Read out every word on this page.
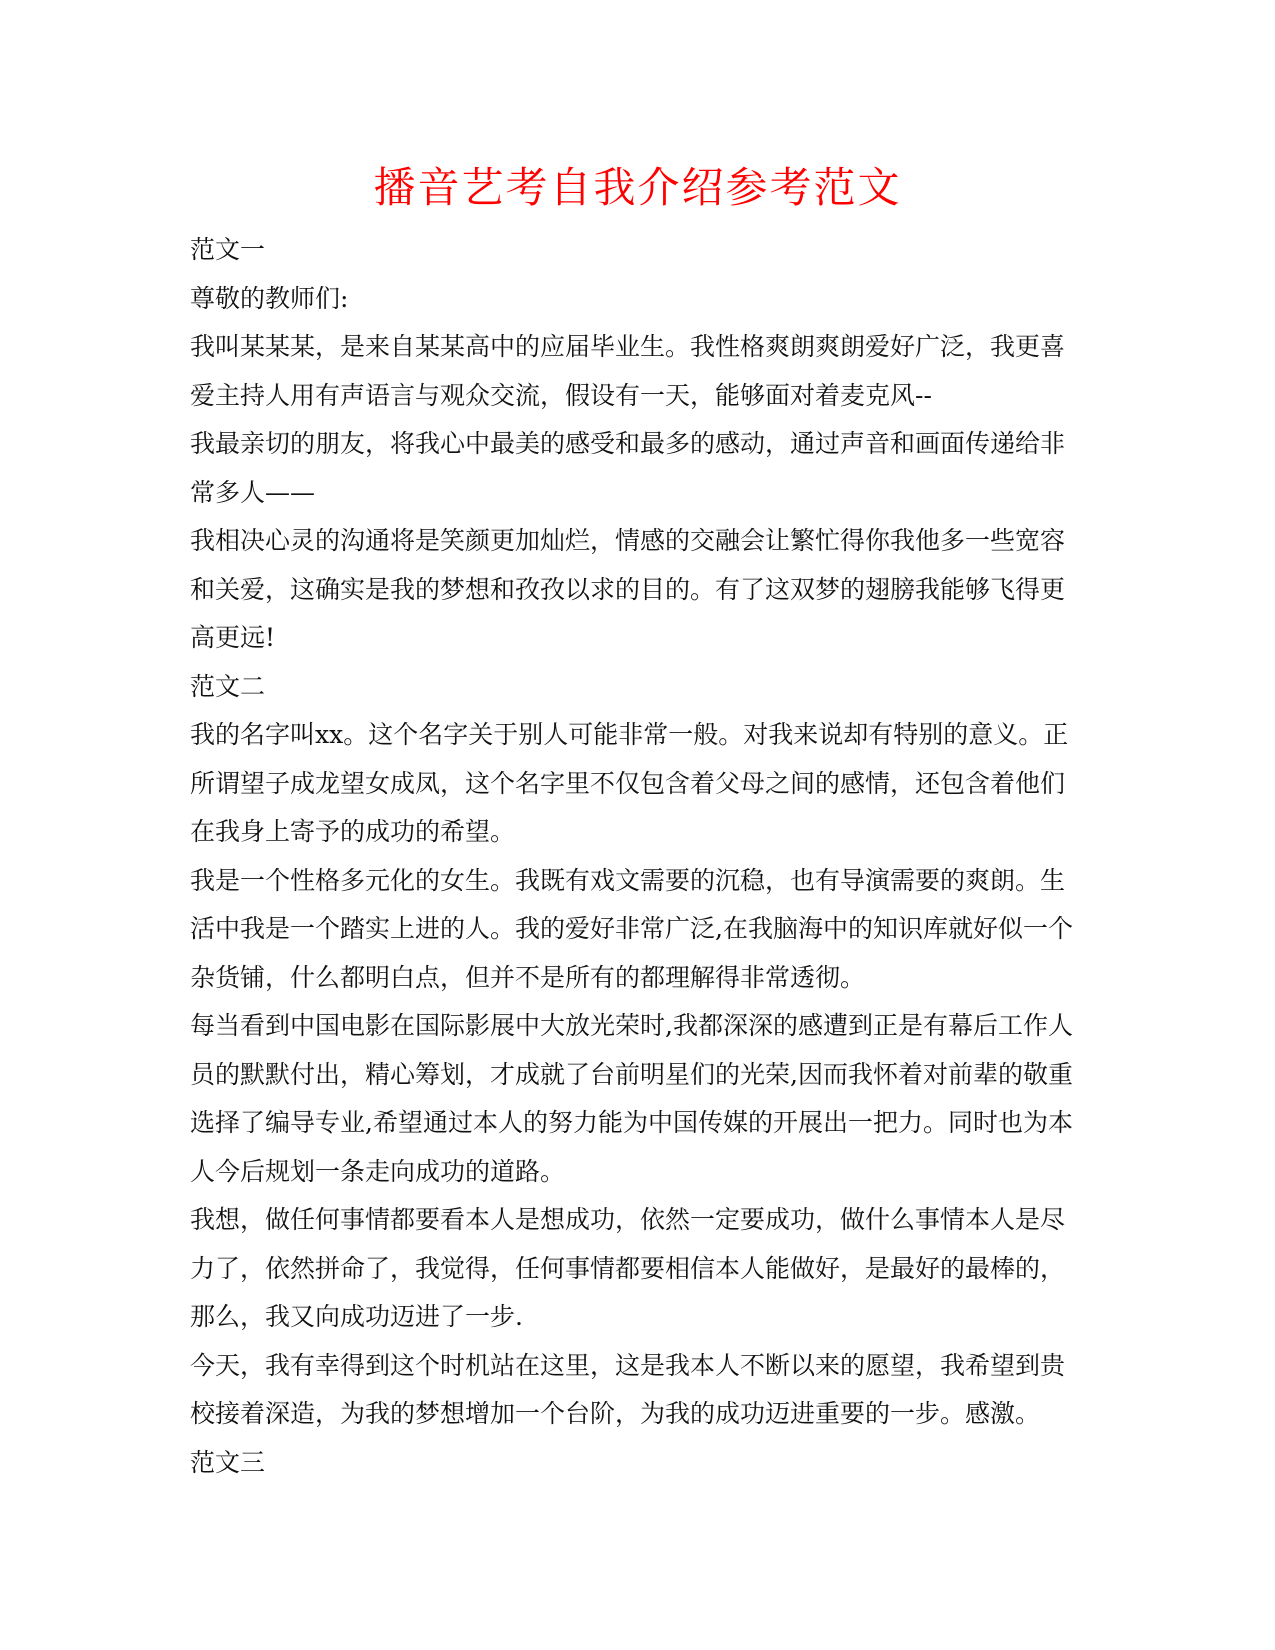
播音艺考自我介绍参考范文
范文一
尊敬的教师们:
我叫某某某，是来自某某高中的应届毕业生。我性格爽朗爽朗爱好广泛，我更喜
爱主持人用有声语言与观众交流，假设有一天，能够面对着麦克风--
我最亲切的朋友，将我心中最美的感受和最多的感动，通过声音和画面传递给非
常多人——
我相决心灵的沟通将是笑颜更加灿烂，情感的交融会让繁忙得你我他多一些宽容
和关爱，这确实是我的梦想和孜孜以求的目的。有了这双梦的翅膀我能够飞得更
高更远!
范文二
我的名字叫xx。这个名字关于别人可能非常一般。对我来说却有特别的意义。正
所谓望子成龙望女成凤，这个名字里不仅包含着父母之间的感情，还包含着他们
在我身上寄予的成功的希望。
我是一个性格多元化的女生。我既有戏文需要的沉稳，也有导演需要的爽朗。生
活中我是一个踏实上进的人。我的爱好非常广泛,在我脑海中的知识库就好似一个
杂货铺，什么都明白点，但并不是所有的都理解得非常透彻。
每当看到中国电影在国际影展中大放光荣时,我都深深的感遭到正是有幕后工作人
员的默默付出，精心筹划，才成就了台前明星们的光荣,因而我怀着对前辈的敬重
选择了编导专业,希望通过本人的努力能为中国传媒的开展出一把力。同时也为本
人今后规划一条走向成功的道路。
我想，做任何事情都要看本人是想成功，依然一定要成功，做什么事情本人是尽
力了，依然拼命了，我觉得，任何事情都要相信本人能做好，是最好的最棒的，
那么，我又向成功迈进了一步.
今天，我有幸得到这个时机站在这里，这是我本人不断以来的愿望，我希望到贵
校接着深造，为我的梦想增加一个台阶，为我的成功迈进重要的一步。感激。
范文三
